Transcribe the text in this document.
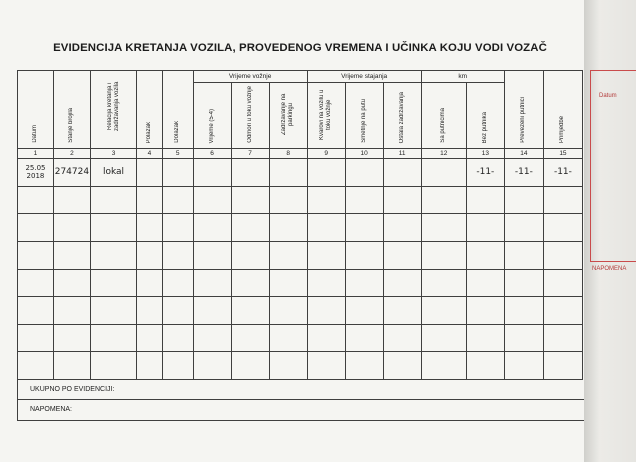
EVIDENCIJA KRETANJA VOZILA, PROVEDENOG VREMENA I UČINKA KOJU VODI VOZAČ
Datum	Stanje brojila	Relacija kretanja i zadržavanja vozila	Polazak	Dolazak	Vrijeme vožnje			Vrijeme stajanja			km		Prevezeni putnici	Primjedbe
					Vrijeme (5-4)	Odmori u toku vožnje	Zadržavanje na parkingu	Kvarovi na vozilu u toku vožnje	Smetnje na putu	Ostala zadržavanja	Sa putnicima	Bez putnika		
1	2	3	4	5	6	7	8	9	10	11	12	13	14	15
25.05
2018	274724	lokal										-11-	-11-	-11-

UKUPNO PO EVIDENCIJI:
NAPOMENA:
Datum
NAPOMENA
